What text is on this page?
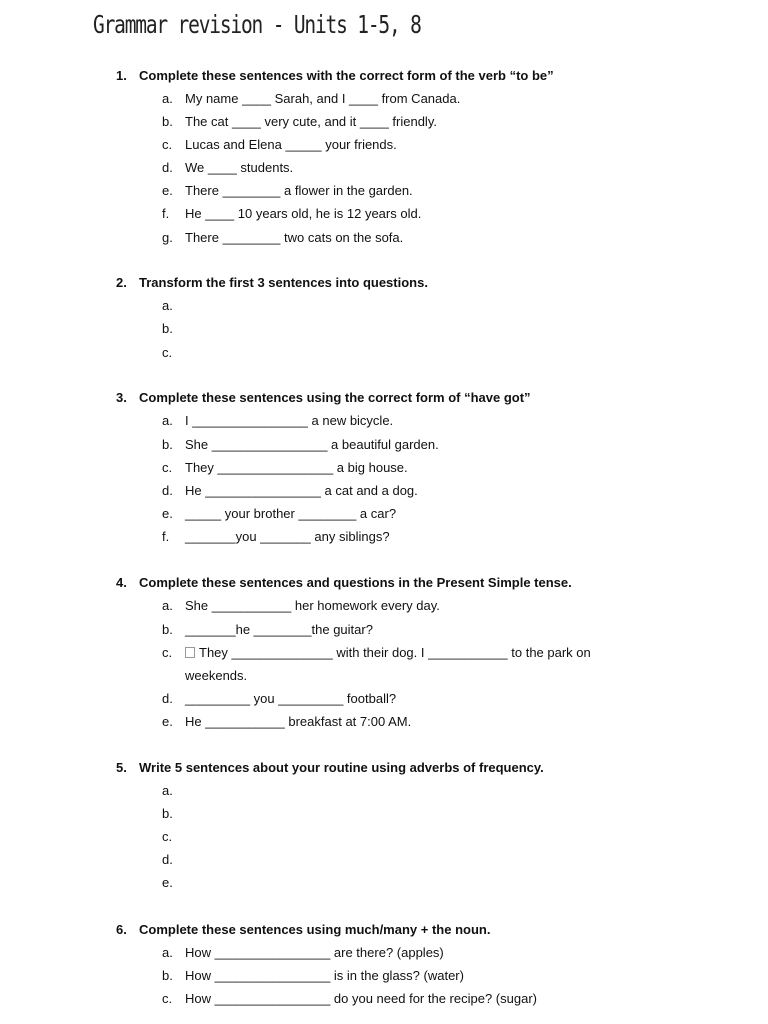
Grammar revision - Units 1-5, 8
1. Complete these sentences with the correct form of the verb “to be”
a. My name ____ Sarah, and I ____ from Canada.
b. The cat ____ very cute, and it ____ friendly.
c. Lucas and Elena _____ your friends.
d. We ____ students.
e. There ________ a flower in the garden.
f. He ____ 10 years old, he is 12 years old.
g. There ________ two cats on the sofa.
2. Transform the first 3 sentences into questions.
a.
b.
c.
3. Complete these sentences using the correct form of “have got”
a. I ________________ a new bicycle.
b. She ________________ a beautiful garden.
c. They ________________ a big house.
d. He ________________ a cat and a dog.
e. _____ your brother ________ a car?
f. _______you _______ any siblings?
4. Complete these sentences and questions in the Present Simple tense.
a. She ___________ her homework every day.
b. _______he ________the guitar?
c. They ______________ with their dog. I ___________ to the park on
weekends.
d. _________ you _________ football?
e. He ___________ breakfast at 7:00 AM.
5. Write 5 sentences about your routine using adverbs of frequency.
a.
b.
c.
d.
e.
6. Complete these sentences using much/many + the noun.
a. How ________________ are there? (apples)
b. How ________________ is in the glass? (water)
c. How ________________ do you need for the recipe? (sugar)
